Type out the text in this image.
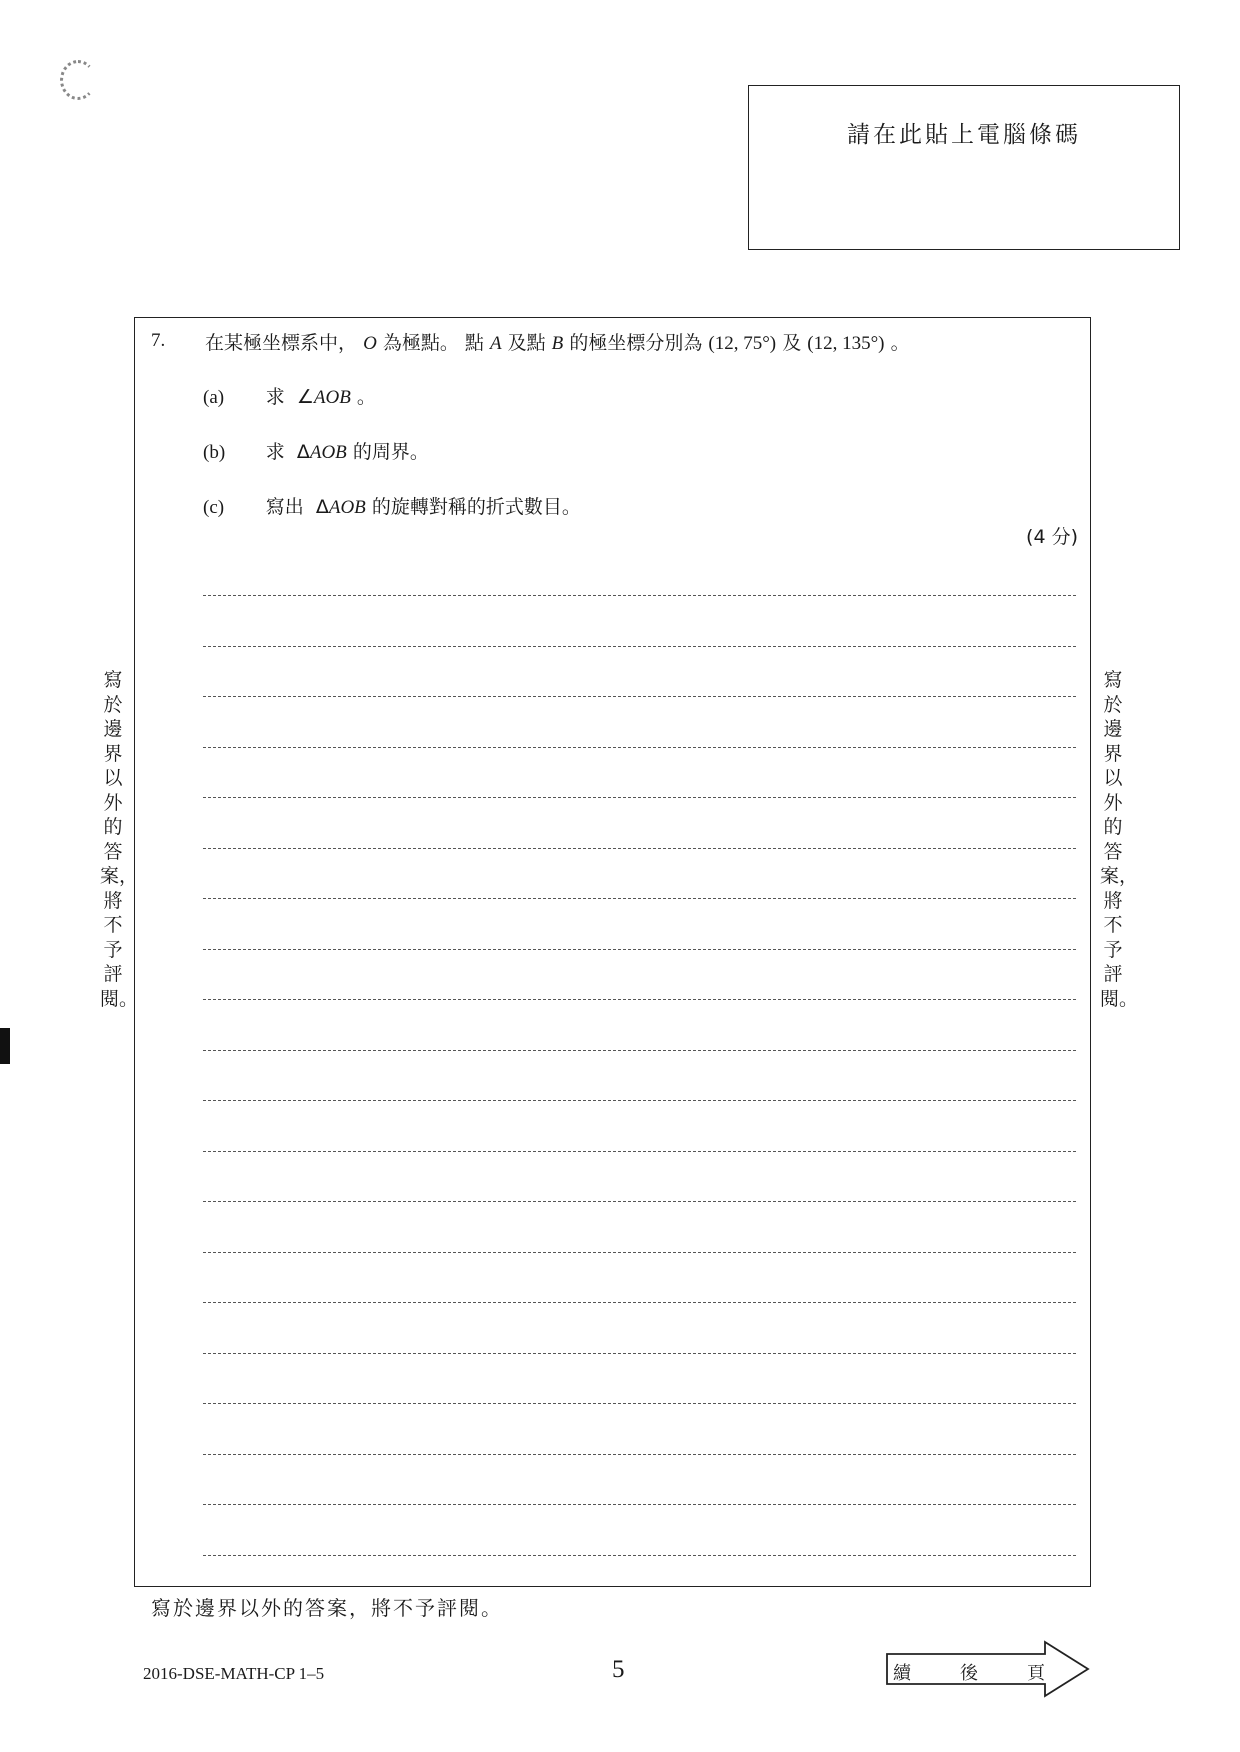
請在此貼上電腦條碼
寫於邊界以外的答案，將不予評閱。
寫於邊界以外的答案，將不予評閱。
7. 在某極坐標系中， O 為極點。 點 A 及點 B 的極坐標分別為 (12, 75°) 及 (12, 135°) 。
(a) 求 ∠AOB 。
(b) 求 ΔAOB 的周界。
(c) 寫出 ΔAOB 的旋轉對稱的折式數目。
(4 分)
寫於邊界以外的答案，將不予評閱。
2016-DSE-MATH-CP 1–5	5	續	後	頁
